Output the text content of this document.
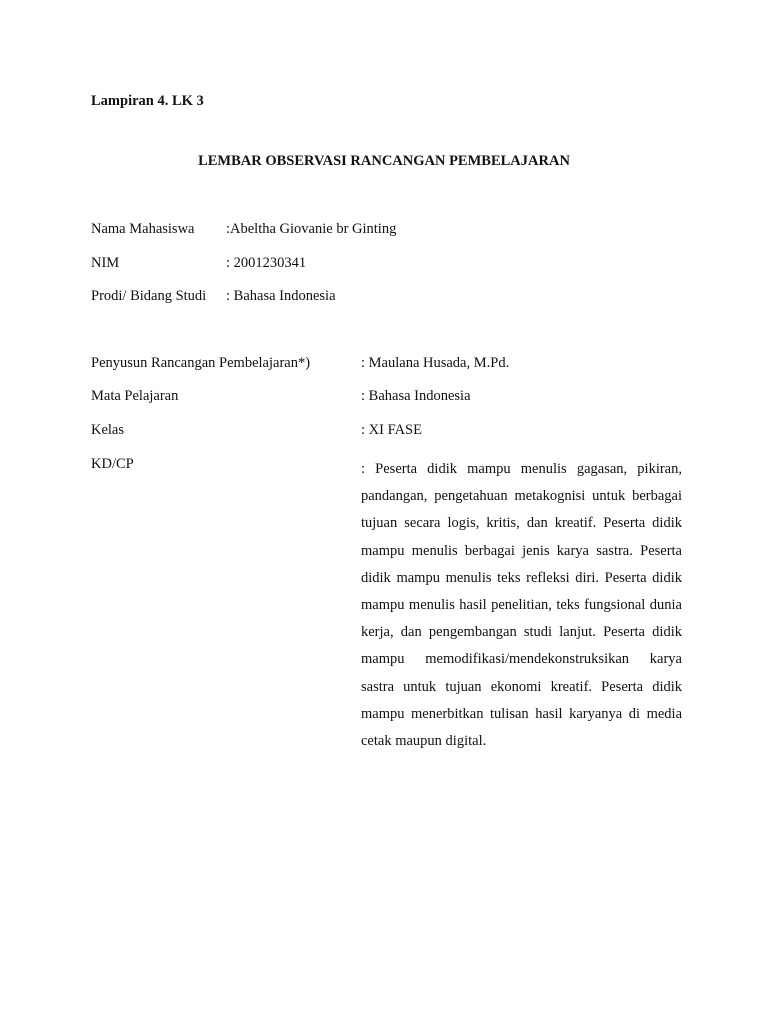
Lampiran 4. LK 3
LEMBAR OBSERVASI RANCANGAN PEMBELAJARAN
Nama Mahasiswa :Abeltha Giovanie br Ginting
NIM	: 2001230341
Prodi/ Bidang Studi : Bahasa Indonesia
Penyusun Rancangan Pembelajaran*)	: Maulana Husada, M.Pd.
Mata Pelajaran	: Bahasa Indonesia
Kelas	: XI FASE
KD/CP	: Peserta didik mampu menulis gagasan, pikiran, pandangan, pengetahuan metakognisi untuk berbagai tujuan secara logis, kritis, dan kreatif. Peserta didik mampu menulis berbagai jenis karya sastra. Peserta didik mampu menulis teks refleksi diri. Peserta didik mampu menulis hasil penelitian, teks fungsional dunia kerja, dan pengembangan studi lanjut. Peserta didik mampu memodifikasi/mendekonstruksikan karya sastra untuk tujuan ekonomi kreatif. Peserta didik mampu menerbitkan tulisan hasil karyanya di media cetak maupun digital.
